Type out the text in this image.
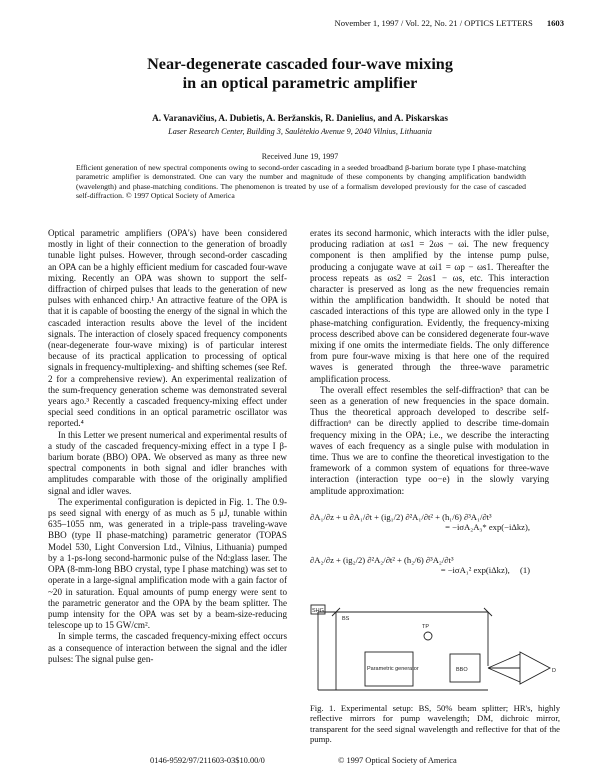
November 1, 1997 / Vol. 22, No. 21 / OPTICS LETTERS 1603
Near-degenerate cascaded four-wave mixing
in an optical parametric amplifier
A. Varanavičius, A. Dubietis, A. Beržanskis, R. Danielius, and A. Piskarskas
Laser Research Center, Building 3, Saulėtekio Avenue 9, 2040 Vilnius, Lithuania
Received June 19, 1997
Efficient generation of new spectral components owing to second-order cascading in a seeded broadband β-barium borate type I phase-matching parametric amplifier is demonstrated. One can vary the number and magnitude of these components by changing amplification bandwidth (wavelength) and phase-matching conditions. The phenomenon is treated by use of a formalism developed previously for the case of cascaded self-diffraction. © 1997 Optical Society of America

Optical parametric amplifiers (OPA's) have been considered mostly in light of their connection to the generation of broadly tunable light pulses. However, through second-order cascading an OPA can be a highly efficient medium for cascaded four-wave mixing. Recently an OPA was shown to support the self-diffraction of chirped pulses that leads to the generation of new pulses with enhanced chirp.¹ An attractive feature of the OPA is that it is capable of boosting the energy of the signal in which the cascaded interaction results above the level of the incident signals. The interaction of closely spaced frequency components (near-degenerate four-wave mixing) is of particular interest because of its practical application to processing of optical signals in frequency-multiplexing- and shifting schemes (see Ref. 2 for a comprehensive review). An experimental realization of the sum-frequency generation scheme was demonstrated several years ago.³ Recently a cascaded frequency-mixing effect under special seed conditions in an optical parametric oscillator was reported.⁴

In this Letter we present numerical and experimental results of a study of the cascaded frequency-mixing effect in a type I β-barium borate (BBO) OPA. We observed as many as three new spectral components in both signal and idler branches with amplitudes comparable with those of the originally amplified signal and idler waves.

The experimental configuration is depicted in Fig. 1. The 0.9-ps seed signal with energy of as much as 5 μJ, tunable within 635–1055 nm, was generated in a triple-pass traveling-wave BBO (type II phase-matching) parametric generator (TOPAS Model 530, Light Conversion Ltd., Vilnius, Lithuania) pumped by a 1-ps-long second-harmonic pulse of the Nd:glass laser. The OPA (8-mm-long BBO crystal, type I phase matching) was set to operate in a large-signal amplification mode with a gain factor of ~20 in saturation. Equal amounts of pump energy were sent to the parametric generator and the OPA by the beam splitter. The pump intensity for the OPA was set by a beam-size-reducing telescope up to 15 GW/cm².

In simple terms, the cascaded frequency-mixing effect occurs as a consequence of interaction between the signal and the idler pulses: The signal pulse gen-

erates its second harmonic, which interacts with the idler pulse, producing radiation at ωs1 = 2ωs − ωi. The new frequency component is then amplified by the intense pump pulse, producing a conjugate wave at ωi1 = ωp − ωs1. Thereafter the process repeats as ωs2 = 2ωs1 − ωs, etc. This interaction character is preserved as long as the new frequencies remain within the amplification bandwidth. It should be noted that cascaded interactions of this type are allowed only in the type I phase-matching configuration. Evidently, the frequency-mixing process described above can be considered degenerate four-wave mixing if one omits the intermediate fields. The only difference from pure four-wave mixing is that here one of the required waves is generated through the three-wave parametric amplification process.

The overall effect resembles the self-diffraction⁵ that can be seen as a generation of new frequencies in the space domain. Thus the theoretical approach developed to describe self-diffraction⁶ can be directly applied to describe time-domain frequency mixing in the OPA; i.e., we describe the interacting waves of each frequency as a single pulse with modulation in time. Thus we are to confine the theoretical investigation to the framework of a common system of equations for three-wave interaction (interaction type oo−e) in the slowly varying amplitude approximation:

∂A₁/∂z + u ∂A₁/∂t + (ig₁/2) ∂²A₁/∂t² + (h₁/6) ∂³A₁/∂t³
= −iσA₂A₃* exp(−iΔkz),
∂A₂/∂z + (ig₂/2) ∂²A₂/∂t² + (h₂/6) ∂³A₂/∂t³
= −iσA₁² exp(iΔkz), (1)
SHG
BS
TP
Parametric generator	BBO	D
Fig. 1. Experimental setup: BS, 50% beam splitter; HR's, highly reflective mirrors for pump wavelength; DM, dichroic mirror, transparent for the seed signal wavelength and reflective for that of the pump.
0146-9592/97/211603-03$10.00/0	© 1997 Optical Society of America
